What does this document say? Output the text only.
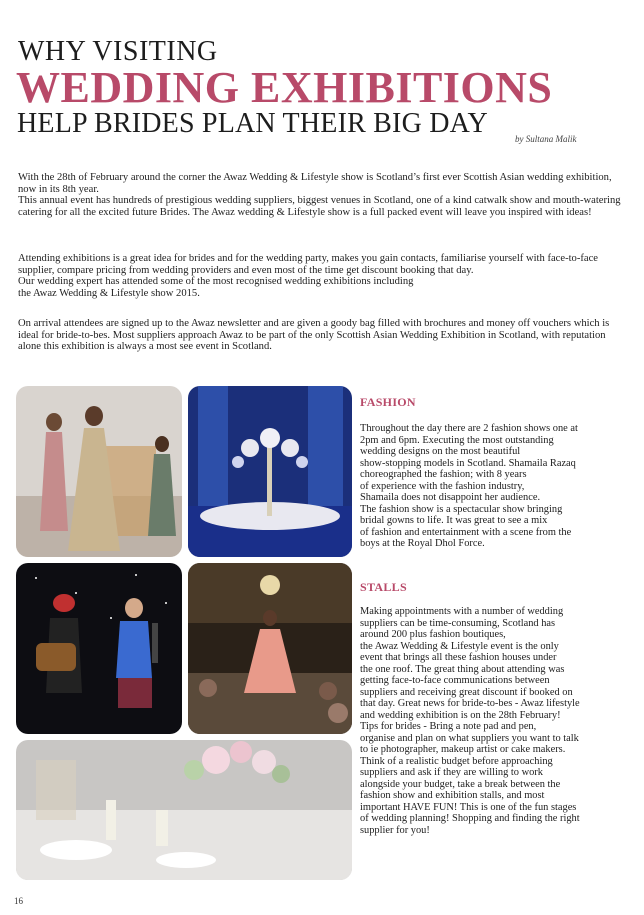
WHY VISITING
WEDDING EXHIBITIONS
HELP BRIDES PLAN THEIR BIG DAY	by Sultana Malik

With the 28th of February around the corner the Awaz Wedding & Lifestyle show is Scotland’s first ever Scottish Asian wedding exhibition, now in its 8th year.

This annual event has hundreds of prestigious wedding suppliers, biggest venues in Scotland, one of a kind catwalk show and mouth-watering catering for all the excited future Brides. The Awaz wedding & Lifestyle show is a full packed event will leave you inspired with ideas!

Attending exhibitions is a great idea for brides and for the wedding party, makes you gain contacts, familiarise yourself with face-to-face supplier, compare pricing from wedding providers and even most of the time get discount booking that day.

Our wedding expert has attended some of the most recognised wedding exhibitions including

the Awaz Wedding & Lifestyle show 2015.

On arrival attendees are signed up to the Awaz newsletter and are given a goody bag filled with brochures and money off vouchers which is ideal for bride-to-bes. Most suppliers approach Awaz to be part of the only Scottish Asian Wedding Exhibition in Scotland, with reputation alone this exhibition is always a most see event in Scotland.

FASHION

Throughout the day there are 2 fashion shows one at

2pm and 6pm. Executing the most outstanding

wedding designs on the most beautiful

show-stopping models in Scotland. Shamaila Razaq

choreographed the fashion; with 8 years

of experience with the fashion industry,

Shamaila does not disappoint her audience.

The fashion show is a spectacular show bringing

bridal gowns to life. It was great to see a mix

of fashion and entertainment with a scene from the

boys at the Royal Dhol Force.

STALLS

Making appointments with a number of wedding

suppliers can be time-consuming, Scotland has

around 200 plus fashion boutiques,

the Awaz Wedding & Lifestyle event is the only

event that brings all these fashion houses under

the one roof. The great thing about attending was

getting face-to-face communications between

suppliers and receiving great discount if booked on

that day. Great news for bride-to-bes - Awaz lifestyle

and wedding exhibition is on the 28th February!

Tips for brides - Bring a note pad and pen,

organise and plan on what suppliers you want to talk

to ie photographer, makeup artist or cake makers.

Think of a realistic budget before approaching

suppliers and ask if they are willing to work

alongside your budget, take a break between the

fashion show and exhibition stalls, and most

important HAVE FUN! This is one of the fun stages

of wedding planning! Shopping and finding the right

supplier for you!

16
